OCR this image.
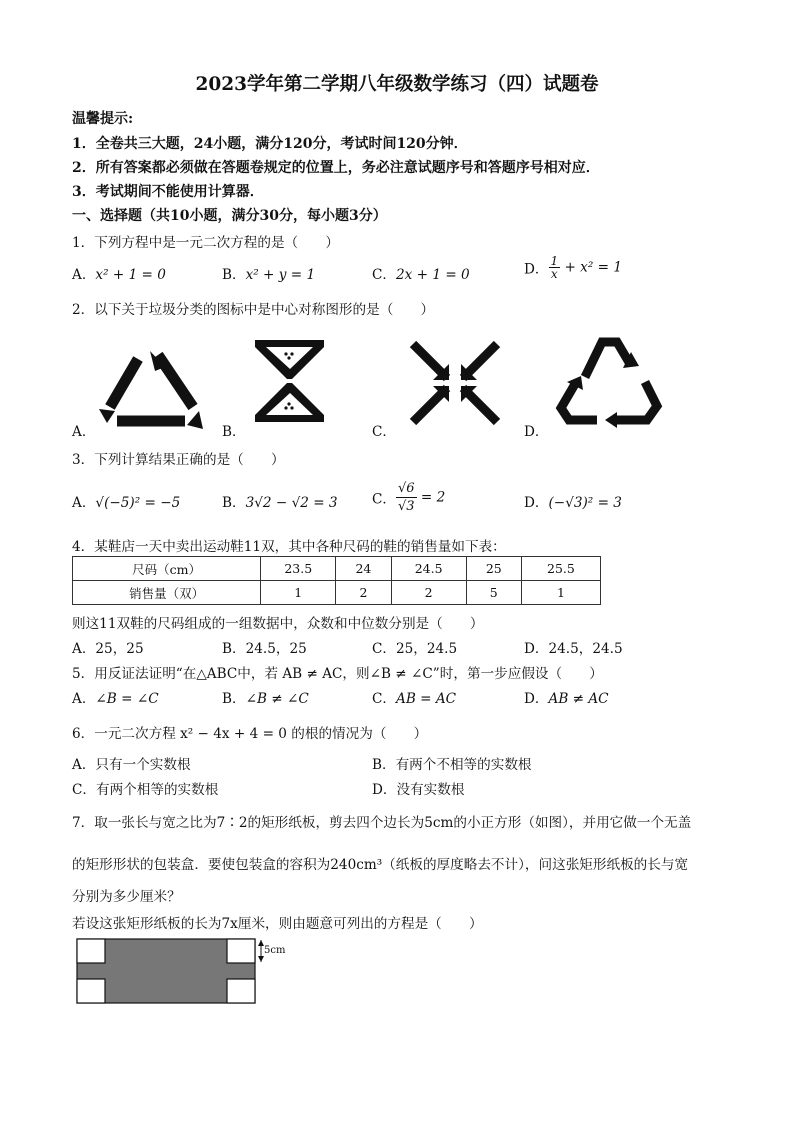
2023学年第二学期八年级数学练习（四）试题卷
温馨提示:
1．全卷共三大题，24小题，满分120分，考试时间120分钟．
2．所有答案都必须做在答题卷规定的位置上，务必注意试题序号和答题序号相对应．
3．考试期间不能使用计算器．
一、选择题（共10小题，满分30分，每小题3分）
1．下列方程中是一元二次方程的是（　　）
A．x² + 1 = 0	B．x² + y = 1	C．2x + 1 = 0	D． $\frac{1}{x} + x^2 = 1$
2．以下关于垃圾分类的图标中是中心对称图形的是（　　）
A．	B．	C．	D．
3．下列计算结果正确的是（　　）
A．√(−5)² = −5	B．3√2 − √2 = 3	C． $\frac{√6}{√3} = 2$	D．(−√3)² = 3
4．某鞋店一天中卖出运动鞋11双，其中各种尺码的鞋的销售量如下表：
尺码（cm）	23.5	24	24.5	25	25.5
销售量（双）	1	2	2	5	1
则这11双鞋的尺码组成的一组数据中，众数和中位数分别是（　　）
A．25，25	B．24.5，25	C．25，24.5	D．24.5，24.5
5．用反证法证明“在△ABC中，若 AB ≠ AC，则∠B ≠ ∠C”时，第一步应假设（　　）
A．∠B = ∠C	B．∠B ≠ ∠C	C．AB = AC	D．AB ≠ AC
6．一元二次方程 x² − 4x + 4 = 0 的根的情况为（　　）
A．只有一个实数根	B．有两个不相等的实数根
C．有两个相等的实数根	D．没有实数根
7．取一张长与宽之比为7∶2的矩形纸板，剪去四个边长为5cm的小正方形（如图），并用它做一个无盖
的矩形形状的包装盒．要使包装盒的容积为240cm³（纸板的厚度略去不计），问这张矩形纸板的长与宽
分别为多少厘米？
若设这张矩形纸板的长为7x厘米，则由题意可列出的方程是（　　）
5cm
